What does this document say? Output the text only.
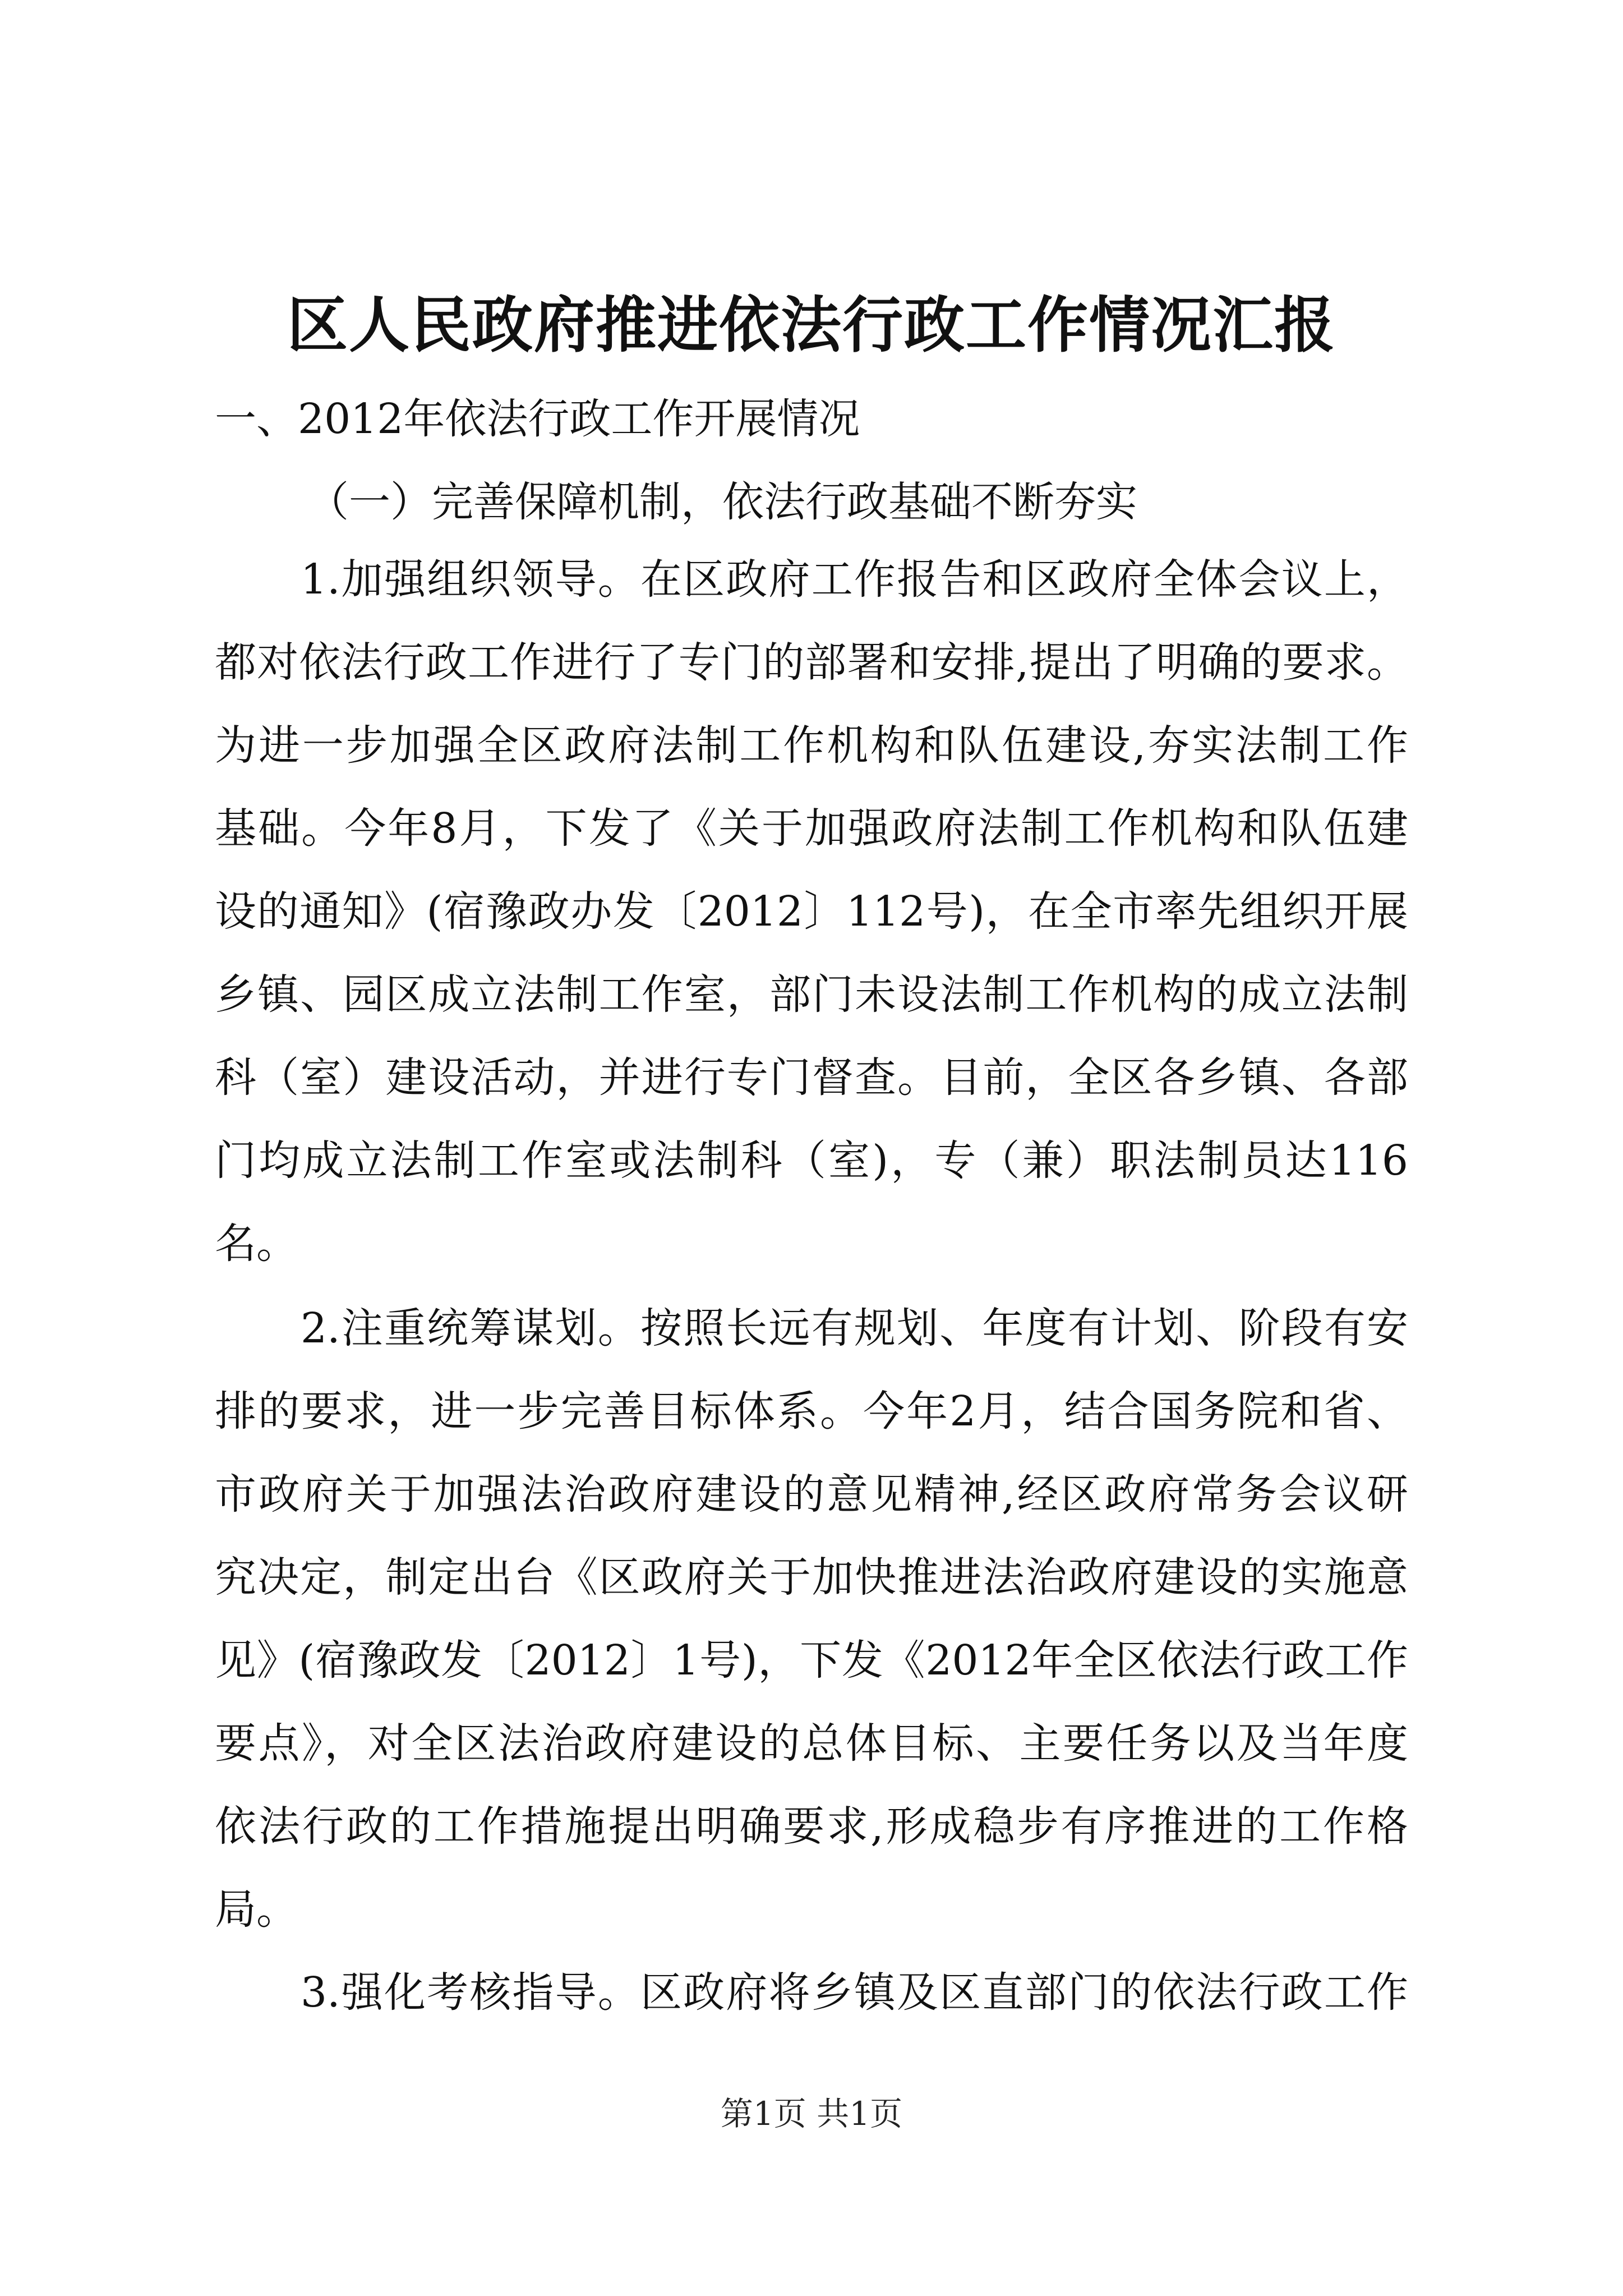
区人民政府推进依法行政工作情况汇报

一、2012年依法行政工作开展情况

（一）完善保障机制，依法行政基础不断夯实

1.加强组织领导。在区政府工作报告和区政府全体会议上，

都对依法行政工作进行了专门的部署和安排,提出了明确的要求。

为进一步加强全区政府法制工作机构和队伍建设,夯实法制工作

基础。今年8月，下发了《关于加强政府法制工作机构和队伍建

设的通知》(宿豫政办发〔2012〕112号)，在全市率先组织开展

乡镇、园区成立法制工作室，部门未设法制工作机构的成立法制

科（室）建设活动，并进行专门督查。目前，全区各乡镇、各部

门均成立法制工作室或法制科（室)，专（兼）职法制员达116

名。

2.注重统筹谋划。按照长远有规划、年度有计划、阶段有安

排的要求，进一步完善目标体系。今年2月，结合国务院和省、

市政府关于加强法治政府建设的意见精神,经区政府常务会议研

究决定，制定出台《区政府关于加快推进法治政府建设的实施意

见》(宿豫政发〔2012〕1号)，下发《2012年全区依法行政工作

要点》，对全区法治政府建设的总体目标、主要任务以及当年度

依法行政的工作措施提出明确要求,形成稳步有序推进的工作格

局。

3.强化考核指导。区政府将乡镇及区直部门的依法行政工作

第1页 共1页
